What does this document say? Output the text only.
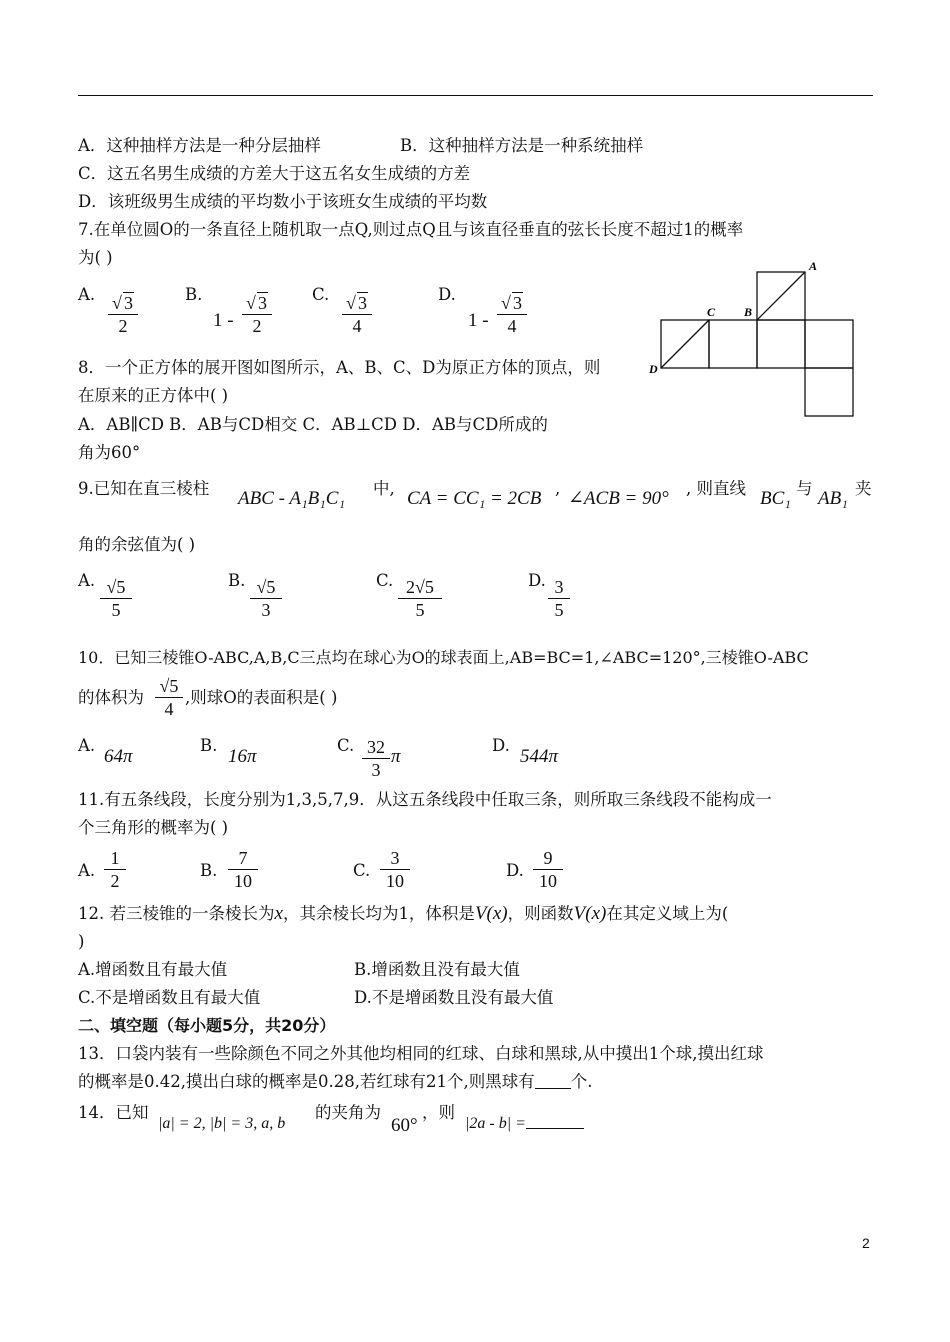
A．这种抽样方法是一种分层抽样	B．这种抽样方法是一种系统抽样
C．这五名男生成绩的方差大于这五名女生成绩的方差
D．该班级男生成绩的平均数小于该班女生成绩的平均数
7.在单位圆O的一条直径上随机取一点Q,则过点Q且与该直径垂直的弦长长度不超过1的概率
为( )
A. √ 3
2
B.
1 -
√ 3
2
C. √ 3
4
D.
1 -
√ 3
4
A
B
C
D
8．一个正方体的展开图如图所示，A、B、C、D为原正方体的顶点，则
在原来的正方体中( )
A．AB∥CD B．AB与CD相交 C．AB⊥CD D．AB与CD所成的
角为60°
9.已知在直三棱柱 ABC - A₁B₁C₁ 中, CA = CC₁ = 2CB , ∠ACB = 90° , 则直线 BC₁ 与 AB₁ 夹
角的余弦值为( )
A. √5
5
B. √5
3
C. 2√5
5
D. 3
5
10．已知三棱锥O-ABC,A,B,C三点均在球心为O的球表面上,AB=BC=1,∠ABC=120°,三棱锥O-ABC
的体积为
√5
4
,则球O的表面积是( )
A.
64π
B.
16π
C. 32
3
π
D.
544π
11.有五条线段，长度分别为1,3,5,7,9．从这五条线段中任取三条，则所取三条线段不能构成一
个三角形的概率为( )
A.
1
2
B.
7
10
C.
3
10
D.
9
10
12. 若三棱锥的一条棱长为x，其余棱长均为1，体积是V(x)，则函数V(x)在其定义域上为(
)
A.增函数且有最大值	B.增函数且没有最大值
C.不是增函数且有最大值	D.不是增函数且没有最大值
二、填空题（每小题5分，共20分）
13．口袋内装有一些除颜色不同之外其他均相同的红球、白球和黑球,从中摸出1个球,摸出红球
的概率是0.42,摸出白球的概率是0.28,若红球有21个,则黑球有 个.
14．已知
|a| = 2, |b| = 3, a, b
的夹角为
60°
，则
|2a - b| =
2
